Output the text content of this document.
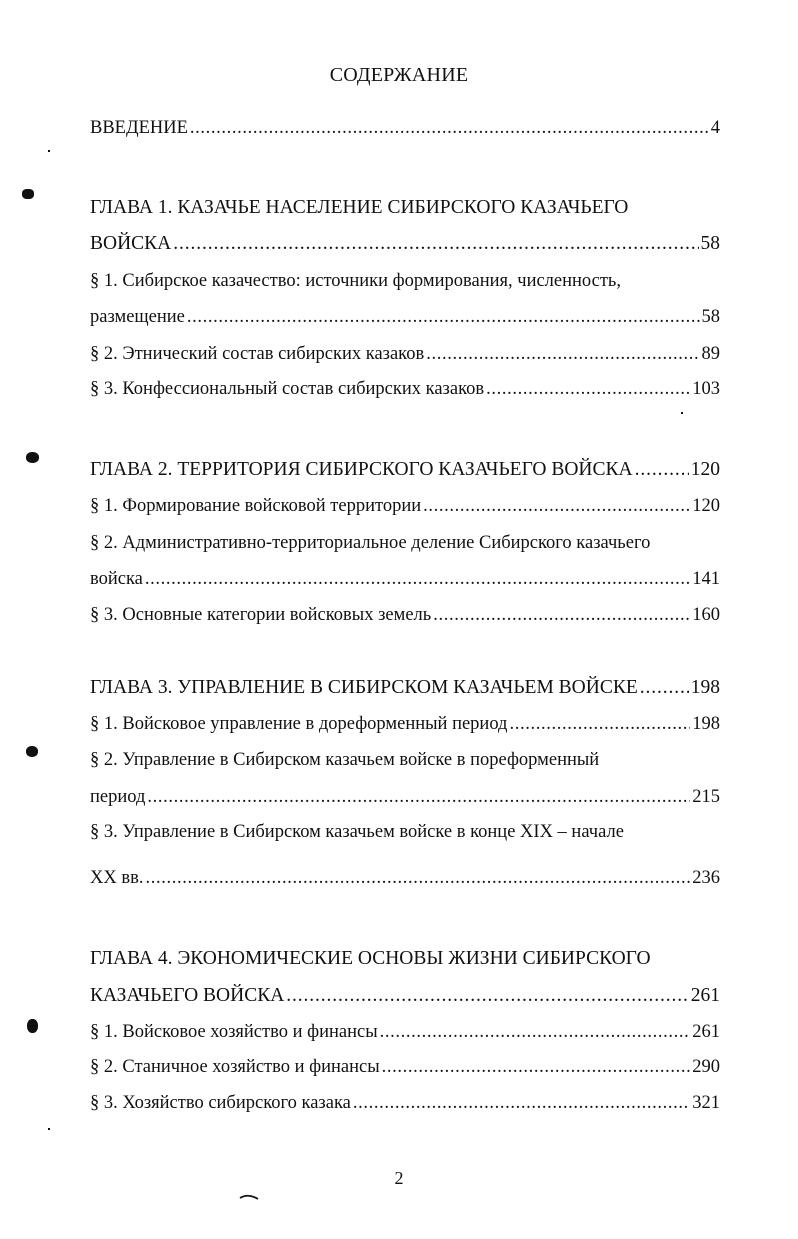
СОДЕРЖАНИЕ
ВВЕДЕНИЕ . . .	4
ГЛАВА 1. КАЗАЧЬЕ НАСЕЛЕНИЕ СИБИРСКОГО КАЗАЧЬЕГО
ВОЙСКА . . .	58
§ 1. Сибирское казачество: источники формирования, численность,
размещение . . .	58
§ 2. Этнический состав сибирских казаков . . .	89
§ 3. Конфессиональный состав сибирских казаков . . .	103
ГЛАВА 2. ТЕРРИТОРИЯ СИБИРСКОГО КАЗАЧЬЕГО ВОЙСКА . . .	120
§ 1. Формирование войсковой территории . . .	120
§ 2. Административно-территориальное деление Сибирского казачьего
войска . . .	141
§ 3. Основные категории войсковых земель . . .	160
ГЛАВА 3. УПРАВЛЕНИЕ В СИБИРСКОМ КАЗАЧЬЕМ ВОЙСКЕ . . .	198
§ 1. Войсковое управление в дореформенный период . . .	198
§ 2. Управление в Сибирском казачьем войске в пореформенный
период . . .	215
§ 3. Управление в Сибирском казачьем войске в конце XIX – начале
XX вв. . . .	236
ГЛАВА 4. ЭКОНОМИЧЕСКИЕ ОСНОВЫ ЖИЗНИ СИБИРСКОГО
КАЗАЧЬЕГО ВОЙСКА . . .	261
§ 1. Войсковое хозяйство и финансы . . .	261
§ 2. Станичное хозяйство и финансы . . .	290
§ 3. Хозяйство сибирского казака . . .	321
2
